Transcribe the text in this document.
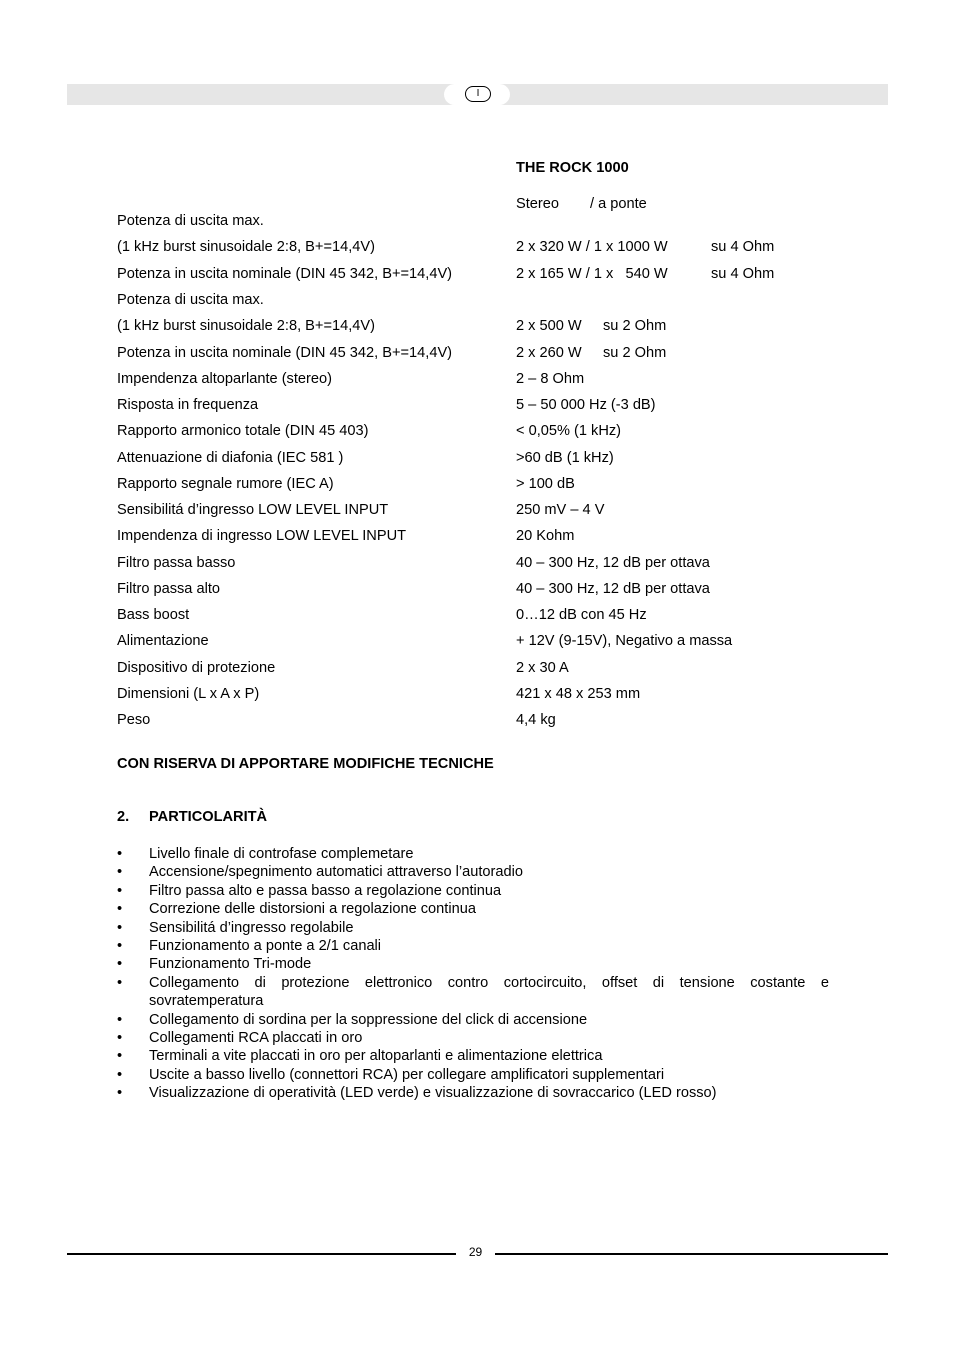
I
THE ROCK 1000
Stereo / a ponte
Potenza di uscita max.
(1 kHz burst sinusoidale 2:8, B+=14,4V)	2 x 320 W / 1 x 1000 W	su 4 Ohm
Potenza in uscita nominale (DIN 45 342, B+=14,4V)	2 x 165 W / 1 x   540 W	su 4 Ohm
Potenza di uscita max.
(1 kHz burst sinusoidale 2:8, B+=14,4V)	2 x 500 W su 2 Ohm
Potenza in uscita nominale (DIN 45 342, B+=14,4V)	2 x 260 W su 2 Ohm
Impendenza altoparlante (stereo)	2 – 8 Ohm
Risposta in frequenza	5 – 50 000 Hz (-3 dB)
Rapporto armonico totale (DIN 45 403)	< 0,05% (1 kHz)
Attenuazione di diafonia (IEC 581 )	>60 dB (1 kHz)
Rapporto segnale rumore (IEC A)	> 100 dB
Sensibilitá d’ingresso LOW LEVEL INPUT	250 mV – 4 V
Impendenza di ingresso LOW LEVEL INPUT	20 Kohm
Filtro passa basso	40 – 300 Hz, 12 dB per ottava
Filtro passa alto	40 – 300 Hz, 12 dB per ottava
Bass boost	0…12 dB con 45 Hz
Alimentazione	+ 12V (9-15V), Negativo a massa
Dispositivo di protezione	2 x 30 A
Dimensioni (L x A x P)	421 x 48 x 253 mm
Peso	4,4 kg
CON RISERVA DI APPORTARE MODIFICHE TECNICHE
2. PARTICOLARITÀ
• Livello finale di controfase complemetare
• Accensione/spegnimento automatici attraverso l’autoradio
• Filtro passa alto e passa basso a regolazione continua
• Correzione delle distorsioni a regolazione continua
• Sensibilitá d’ingresso regolabile
• Funzionamento a ponte a 2/1 canali
• Funzionamento Tri-mode
• Collegamento di protezione elettronico contro cortocircuito, offset di tensione costante e sovratemperatura
• Collegamento di sordina per la soppressione del click di accensione
• Collegamenti RCA placcati in oro
• Terminali a vite placcati in oro per altoparlanti e alimentazione elettrica
• Uscite a basso livello (connettori RCA) per collegare amplificatori supplementari
• Visualizzazione di operatività (LED verde) e visualizzazione di sovraccarico (LED rosso)
29
